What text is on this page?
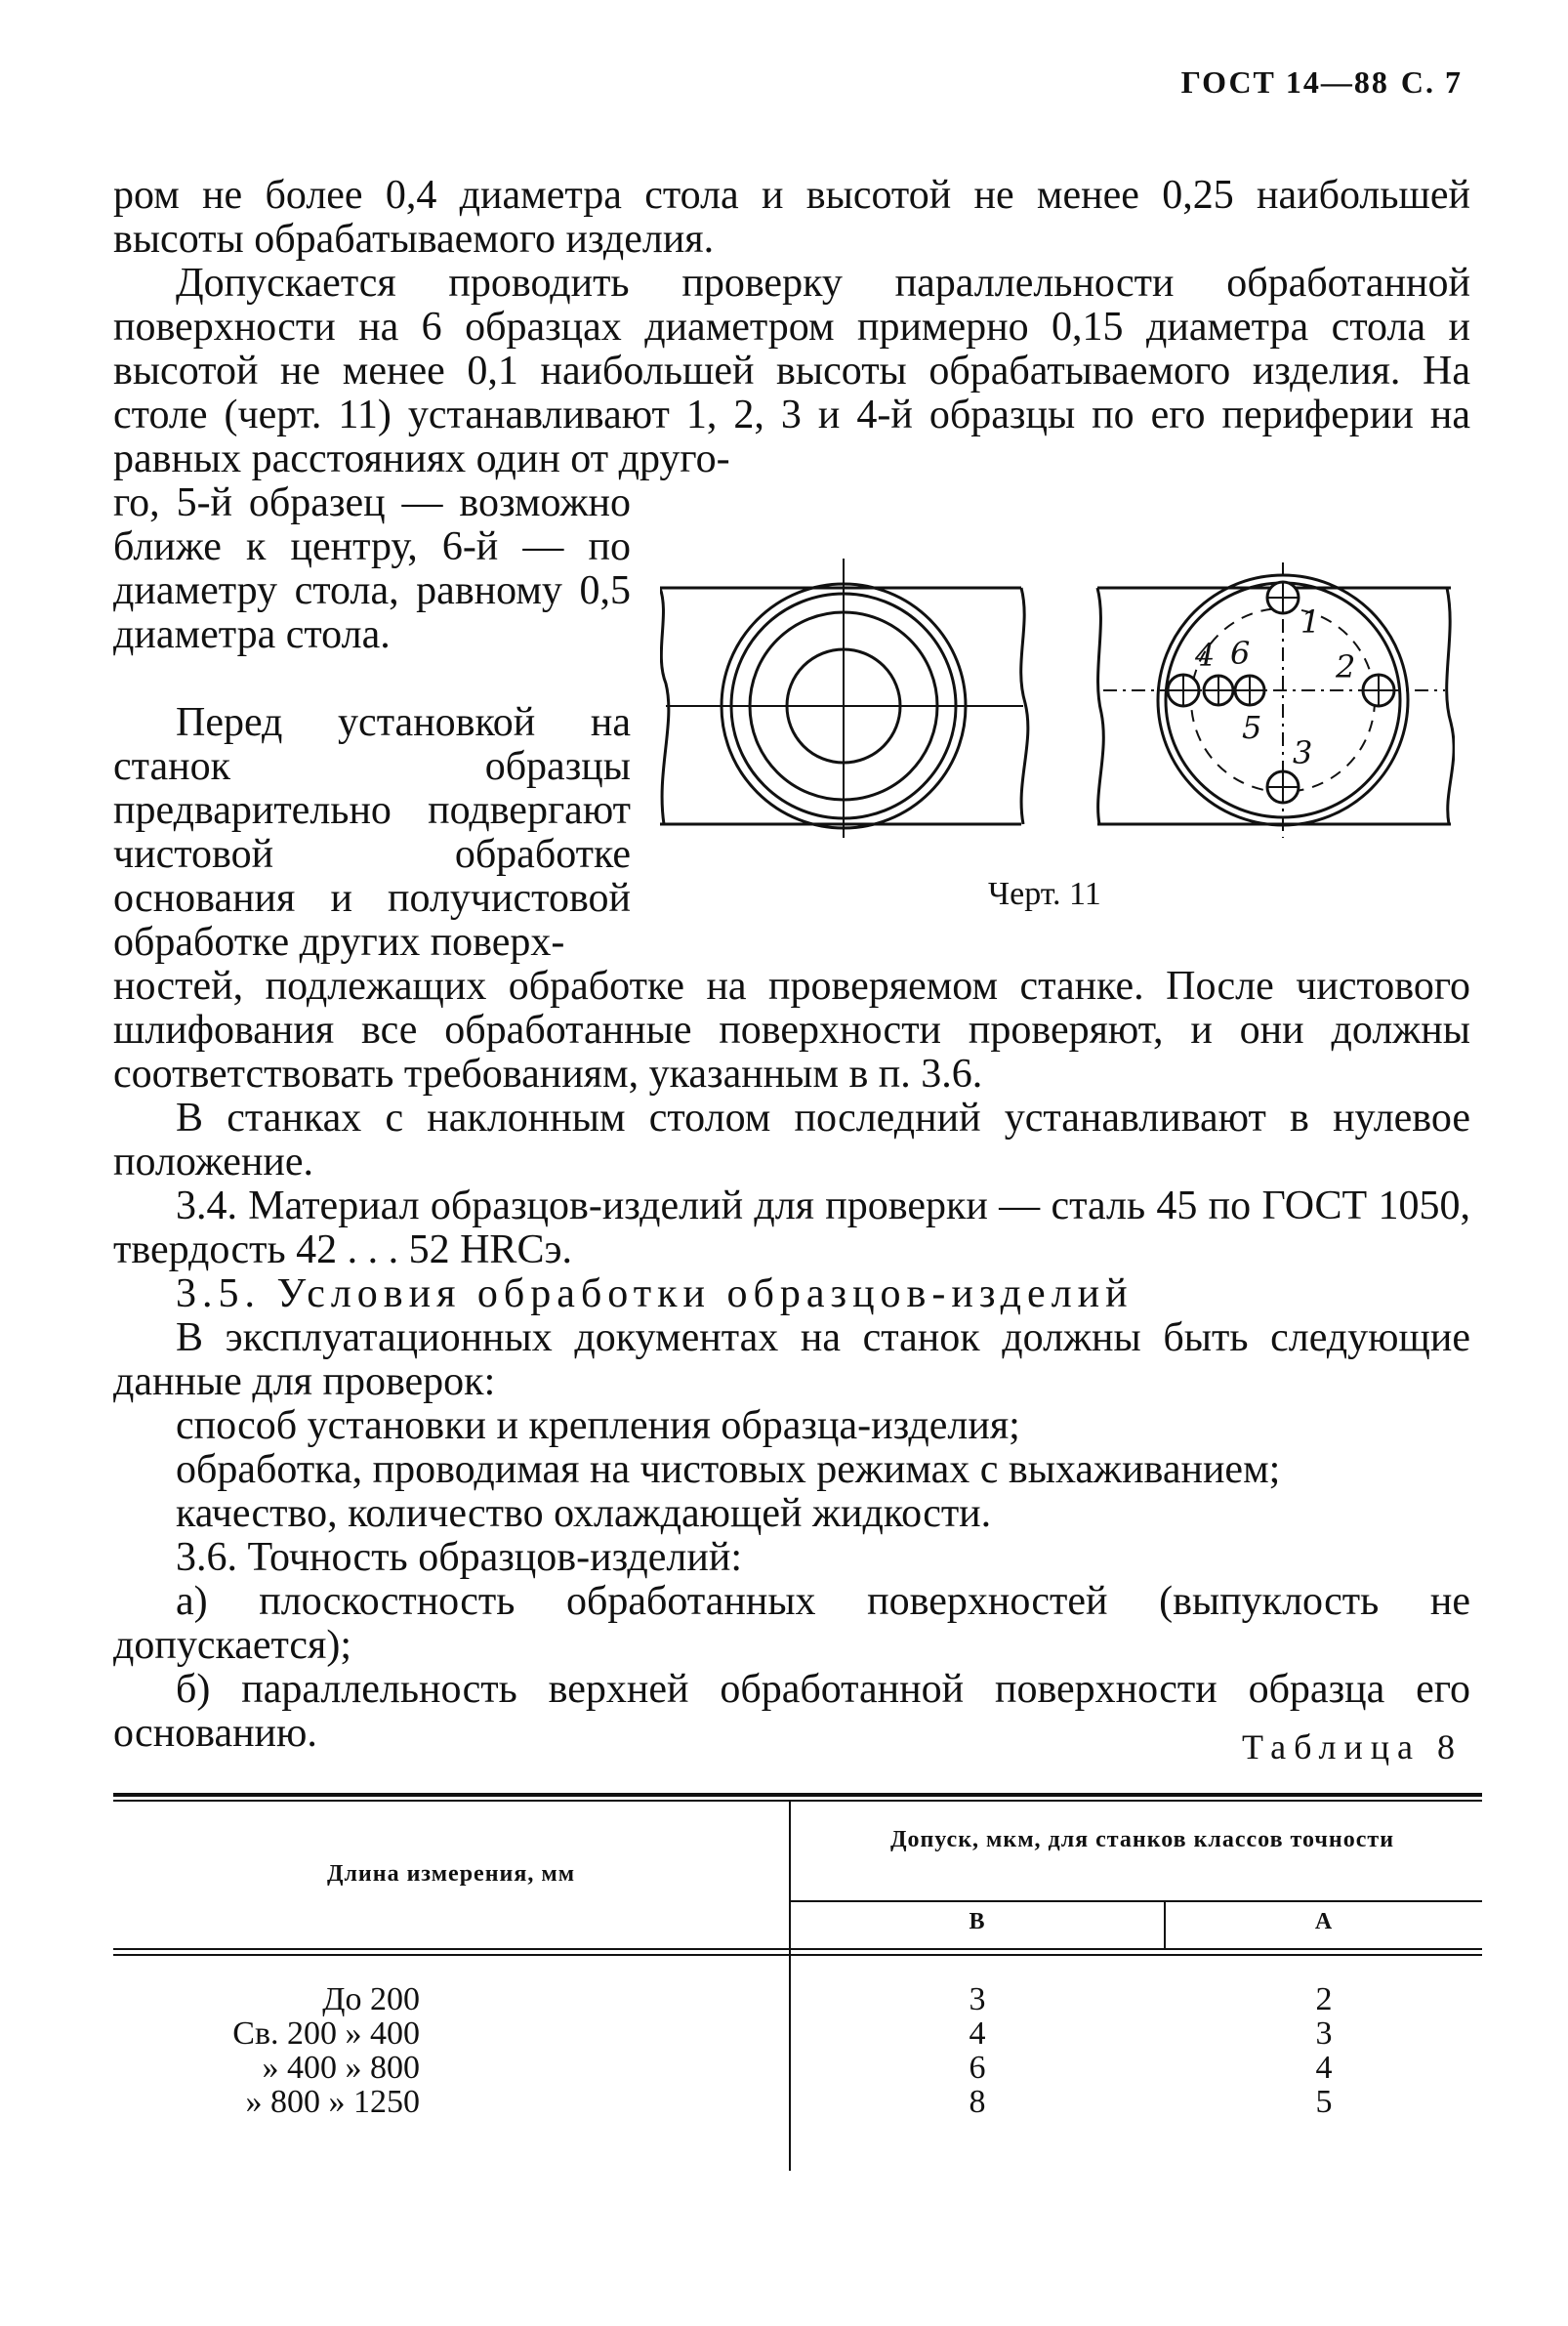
ГОСТ 14—88 С. 7

ром не более 0,4 диаметра стола и высотой не менее 0,25 наибольшей высоты обрабатываемого изделия.

Допускается проводить проверку параллельности обработанной поверхности на 6 образцах диаметром примерно 0,15 диаметра стола и высотой не менее 0,1 наибольшей высоты обрабатываемого изделия. На столе (черт. 11) устанавливают 1, 2, 3 и 4-й образцы по его периферии на равных расстояниях один от друго-

го, 5-й образец — возможно ближе к центру, 6-й — по диаметру стола, равному 0,5 диаметра стола.

Перед установкой на станок образцы предварительно подвергают чистовой обработке основания и получистовой обработке других поверх-

ностей, подлежащих обработке на проверяемом станке. После чистового шлифования все обработанные поверхности проверяют, и они должны соответствовать требованиям, указанным в п. 3.6.

В станках с наклонным столом последний устанавливают в нулевое положение.

3.4. Материал образцов-изделий для проверки — сталь 45 по ГОСТ 1050, твердость 42 . . . 52 HRCэ.

3.5. Условия обработки образцов-изделий

В эксплуатационных документах на станок должны быть следующие данные для проверок:

способ установки и крепления образца-изделия;

обработка, проводимая на чистовых режимах с выхаживанием;

качество, количество охлаждающей жидкости.

3.6. Точность образцов-изделий:

а) плоскостность обработанных поверхностей (выпуклость не допускается);

б) параллельность верхней обработанной поверхности образца его основанию.

1
2
3
4
5
6
Черт. 11
Таблица 8
Длина измерения, мм
Допуск, мкм, для станков классов точности
В	А
До 200
Св. 200 » 400
» 400 » 800
» 800 » 1250
3
4
6
8
2
3
4
5
